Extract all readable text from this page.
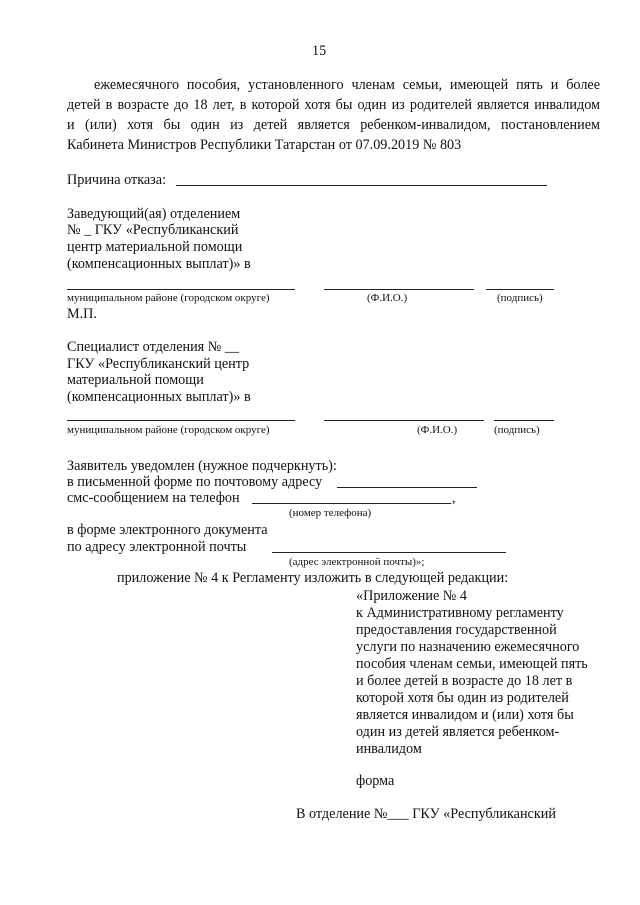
15
ежемесячного пособия, установленного членам семьи, имеющей пять и более
детей в возрасте до 18 лет, в которой хотя бы один из родителей является инвалидом
и (или) хотя бы один из детей является ребенком-инвалидом, постановлением
Кабинета Министров Республики Татарстан от 07.09.2019 № 803
Причина отказа:
Заведующий(ая) отделением
№ _ ГКУ «Республиканский
центр материальной помощи
(компенсационных выплат)» в
муниципальном районе (городском округе)	(Ф.И.О.)	(подпись)
М.П.
Специалист отделения № __
ГКУ «Республиканский центр
материальной помощи
(компенсационных выплат)» в
муниципальном районе (городском округе)	(Ф.И.О.)	(подпись)
Заявитель уведомлен (нужное подчеркнуть):
в письменной форме по почтовому адресу
смс-сообщением на телефон	,
(номер телефона)
в форме электронного документа
по адресу электронной почты
(адрес электронной почты)»;
приложение № 4 к Регламенту изложить в следующей редакции:
«Приложение № 4
к Административному регламенту
предоставления государственной
услуги по назначению ежемесячного
пособия членам семьи, имеющей пять
и более детей в возрасте до 18 лет в
которой хотя бы один из родителей
является инвалидом и (или) хотя бы
один из детей является ребенком-
инвалидом
форма
В отделение №___ ГКУ «Республиканский
